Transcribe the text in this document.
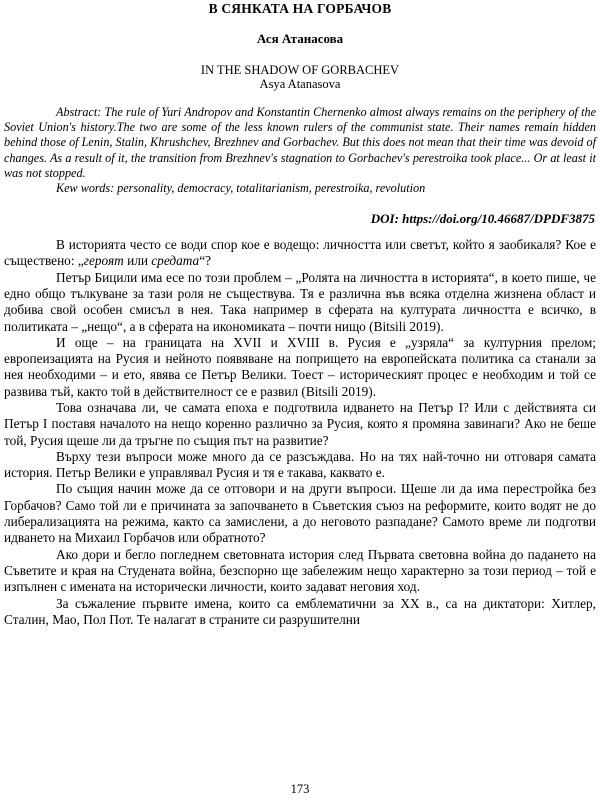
В СЯНКАТА НА ГОРБАЧОВ
Ася Атанасова
IN THE SHADOW OF GORBACHEV
Asya Atanasova
Abstract: The rule of Yuri Andropov and Konstantin Chernenko almost always remains on the periphery of the Soviet Union's history.The two are some of the less known rulers of the communist state. Their names remain hidden behind those of Lenin, Stalin, Khrushchev, Brezhnev and Gorbachev. But this does not mean that their time was devoid of changes. As a result of it, the transition from Brezhnev's stagnation to Gorbachev's perestroika took place... Or at least it was not stopped.
Kew words: personality, democracy, totalitarianism, perestroika, revolution
DOI: https://doi.org/10.46687/DPDF3875

В историята често се води спор кое е водещо: личността или светът, който я заобикаля? Кое е съществено: „героят или средата“?

Петър Бицили има есе по този проблем – „Ролята на личността в историята“, в което пише, че едно общо тълкуване за тази роля не съществува. Тя е различна във всяка отделна жизнена област и добива свой особен смисъл в нея. Така например в сферата на културата личността е всичко, в политиката – „нещо“, а в сферата на икономиката – почти нищо (Bitsili 2019).

И още – на границата на XVII и XVIII в. Русия е „узряла“ за културния прелом; европеизацията на Русия и нейното появяване на попрището на европейската политика са станали за нея необходими – и ето, явява се Петър Велики. Тоест – историческият процес е необходим и той се развива тъй, както той в действителност се е развил (Bitsili 2019).

Това означава ли, че самата епоха е подготвила идването на Петър I? Или с действията си Петър I поставя началото на нещо коренно различно за Русия, която я промяна завинаги? Ако не беше той, Русия щеше ли да тръгне по същия път на развитие?

Върху тези въпроси може много да се разсъждава. Но на тях най-точно ни отговаря самата история. Петър Велики е управлявал Русия и тя е такава, каквато е.

По същия начин може да се отговори и на други въпроси. Щеше ли да има перестройка без Горбачов? Само той ли е причината за започването в Съветския съюз на реформите, които водят не до либерализацията на режима, както са замислени, а до неговото разпадане? Самото време ли подготви идването на Михаил Горбачов или обратното?

Ако дори и бегло погледнем световната история след Първата световна война до падането на Съветите и края на Студената война, безспорно ще забележим нещо характерно за този период – той е изпълнен с имената на исторически личности, които задават неговия ход.

За съжаление първите имена, които са емблематични за XX в., са на диктатори: Хитлер, Сталин, Мао, Пол Пот. Те налагат в страните си разрушителни

173
